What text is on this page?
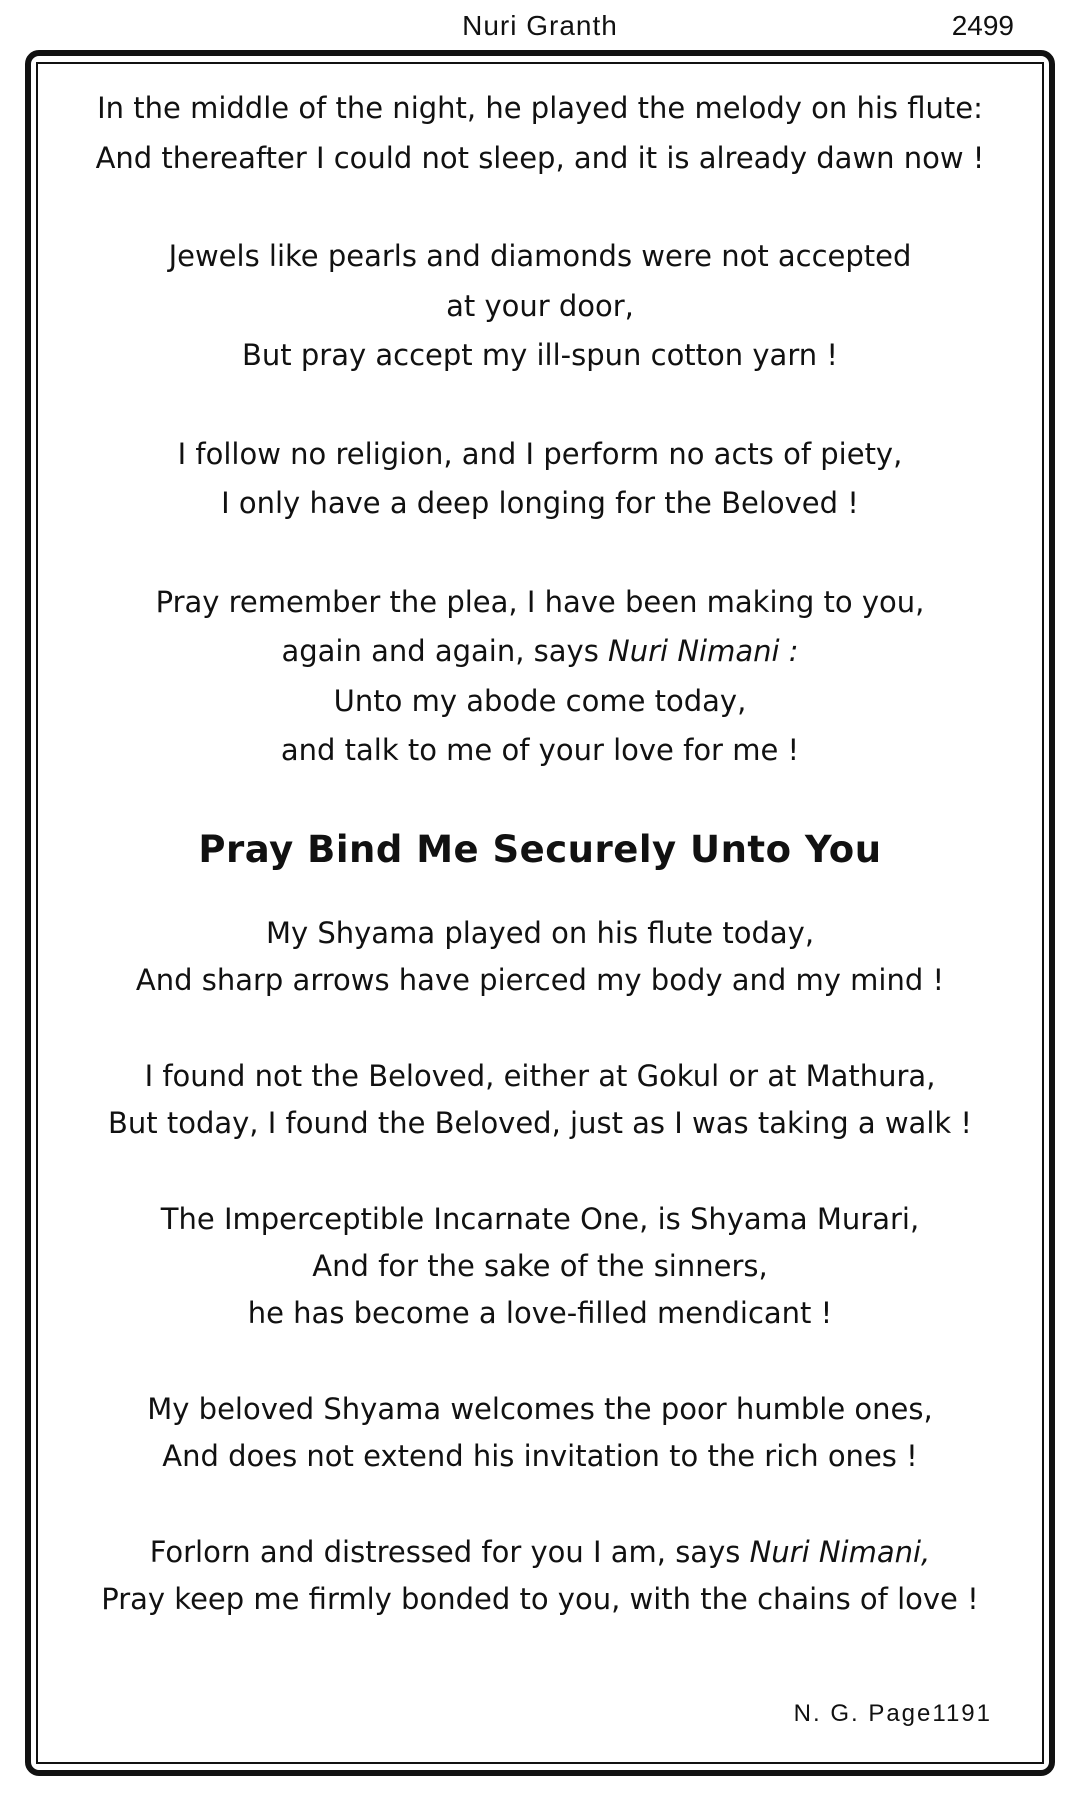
Nuri Granth	2499
In the middle of the night, he played the melody on his flute:
And thereafter I could not sleep, and it is already dawn now !
Jewels like pearls and diamonds were not accepted
at your door,
But pray accept my ill-spun cotton yarn !
I follow no religion, and I perform no acts of piety,
I only have a deep longing for the Beloved !
Pray remember the plea, I have been making to you,
again and again, says Nuri Nimani :
Unto my abode come today,
and talk to me of your love for me !
Pray Bind Me Securely Unto You
My Shyama played on his flute today,
And sharp arrows have pierced my body and my mind !
I found not the Beloved, either at Gokul or at Mathura,
But today, I found the Beloved, just as I was taking a walk !
The Imperceptible Incarnate One, is Shyama Murari,
And for the sake of the sinners,
he has become a love-filled mendicant !
My beloved Shyama welcomes the poor humble ones,
And does not extend his invitation to the rich ones !
Forlorn and distressed for you I am, says Nuri Nimani,
Pray keep me firmly bonded to you, with the chains of love !
N. G. Page1191
